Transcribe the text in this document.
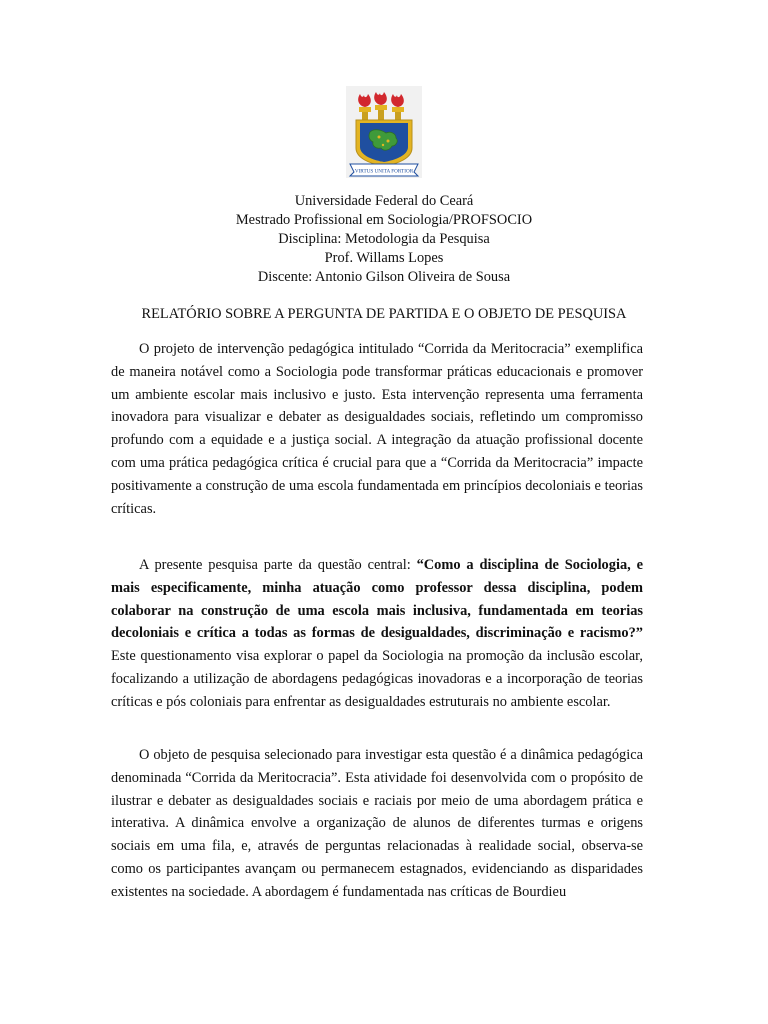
VIRTUS UNITA FORTIOR
Universidade Federal do Ceará
Mestrado Profissional em Sociologia/PROFSOCIO
Disciplina: Metodologia da Pesquisa
Prof. Willams Lopes
Discente: Antonio Gilson Oliveira de Sousa
RELATÓRIO SOBRE A PERGUNTA DE PARTIDA E O OBJETO DE PESQUISA

O projeto de intervenção pedagógica intitulado “Corrida da Meritocracia” exemplifica de maneira notável como a Sociologia pode transformar práticas educacionais e promover um ambiente escolar mais inclusivo e justo. Esta intervenção representa uma ferramenta inovadora para visualizar e debater as desigualdades sociais, refletindo um compromisso profundo com a equidade e a justiça social. A integração da atuação profissional docente com uma prática pedagógica crítica é crucial para que a “Corrida da Meritocracia” impacte positivamente a construção de uma escola fundamentada em princípios decoloniais e teorias críticas.

A presente pesquisa parte da questão central: “Como a disciplina de Sociologia, e mais especificamente, minha atuação como professor dessa disciplina, podem colaborar na construção de uma escola mais inclusiva, fundamentada em teorias decoloniais e crítica a todas as formas de desigualdades, discriminação e racismo?” Este questionamento visa explorar o papel da Sociologia na promoção da inclusão escolar, focalizando a utilização de abordagens pedagógicas inovadoras e a incorporação de teorias críticas e pós coloniais para enfrentar as desigualdades estruturais no ambiente escolar.

O objeto de pesquisa selecionado para investigar esta questão é a dinâmica pedagógica denominada “Corrida da Meritocracia”. Esta atividade foi desenvolvida com o propósito de ilustrar e debater as desigualdades sociais e raciais por meio de uma abordagem prática e interativa. A dinâmica envolve a organização de alunos de diferentes turmas e origens sociais em uma fila, e, através de perguntas relacionadas à realidade social, observa-se como os participantes avançam ou permanecem estagnados, evidenciando as disparidades existentes na sociedade. A abordagem é fundamentada nas críticas de Bourdieu
